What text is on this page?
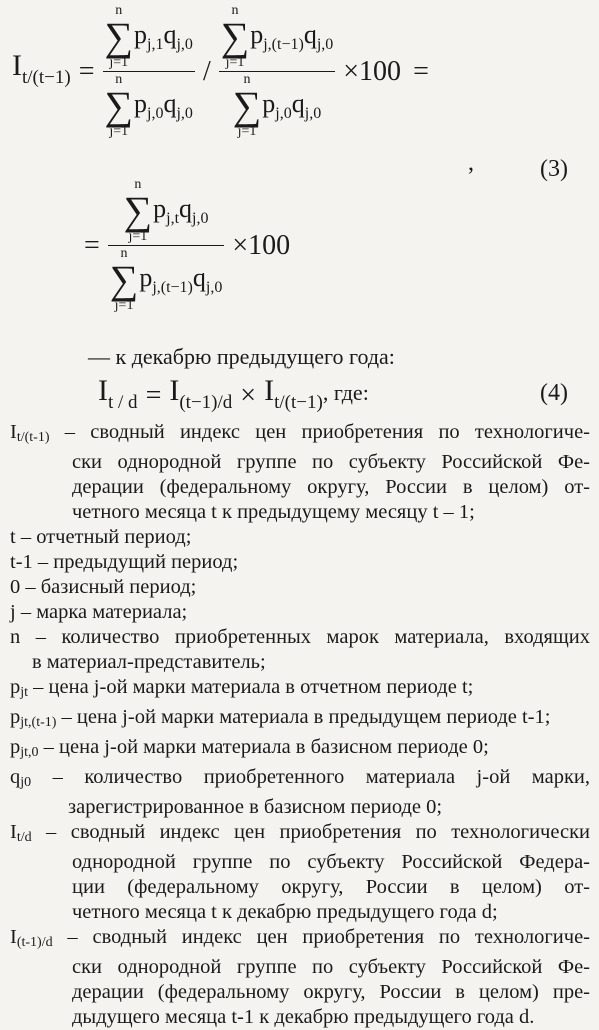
It/(t−1) = n
∑
j=1
$p_{j,1}q_{j,0}$
n
∑
j=1
$p_{j,0}q_{j,0}$ / n
∑
j=1
$p_{j,(t-1)}q_{j,0}$
n
∑
j=1
$p_{j,0}q_{j,0} \times 100$ =
,	(3)
= n
∑
j=1
$p_{j,t}q_{j,0}$
n
∑
j=1
$p_{j,(t-1)}q_{j,0} \times 100$
— к декабрю предыдущего года:
It / d = I(t−1)/d × It/(t−1), где:	(4)
It/(t-1) – сводный индекс цен приобретения по технологиче-
ски однородной группе по субъекту Российской Фе-
дерации (федеральному округу, России в целом) от-
четного месяца t к предыдущему месяцу t – 1;
t – отчетный период;
t-1 – предыдущий период;
0 – базисный период;
j – марка материала;
n – количество приобретенных марок материала, входящих
в материал-представитель;
pjt – цена j-ой марки материала в отчетном периоде t;
pjt,(t-1) – цена j-ой марки материала в предыдущем периоде t-1;
pjt,0 – цена j-ой марки материала в базисном периоде 0;
qj0 – количество приобретенного материала j-ой марки,
зарегистрированное в базисном периоде 0;
It/d – сводный индекс цен приобретения по технологически
однородной группе по субъекту Российской Федера-
ции (федеральному округу, России в целом) от-
четного месяца t к декабрю предыдущего года d;
I(t-1)/d – сводный индекс цен приобретения по технологиче-
ски однородной группе по субъекту Российской Фе-
дерации (федеральному округу, России в целом) пре-
дыдущего месяца t-1 к декабрю предыдущего года d.
